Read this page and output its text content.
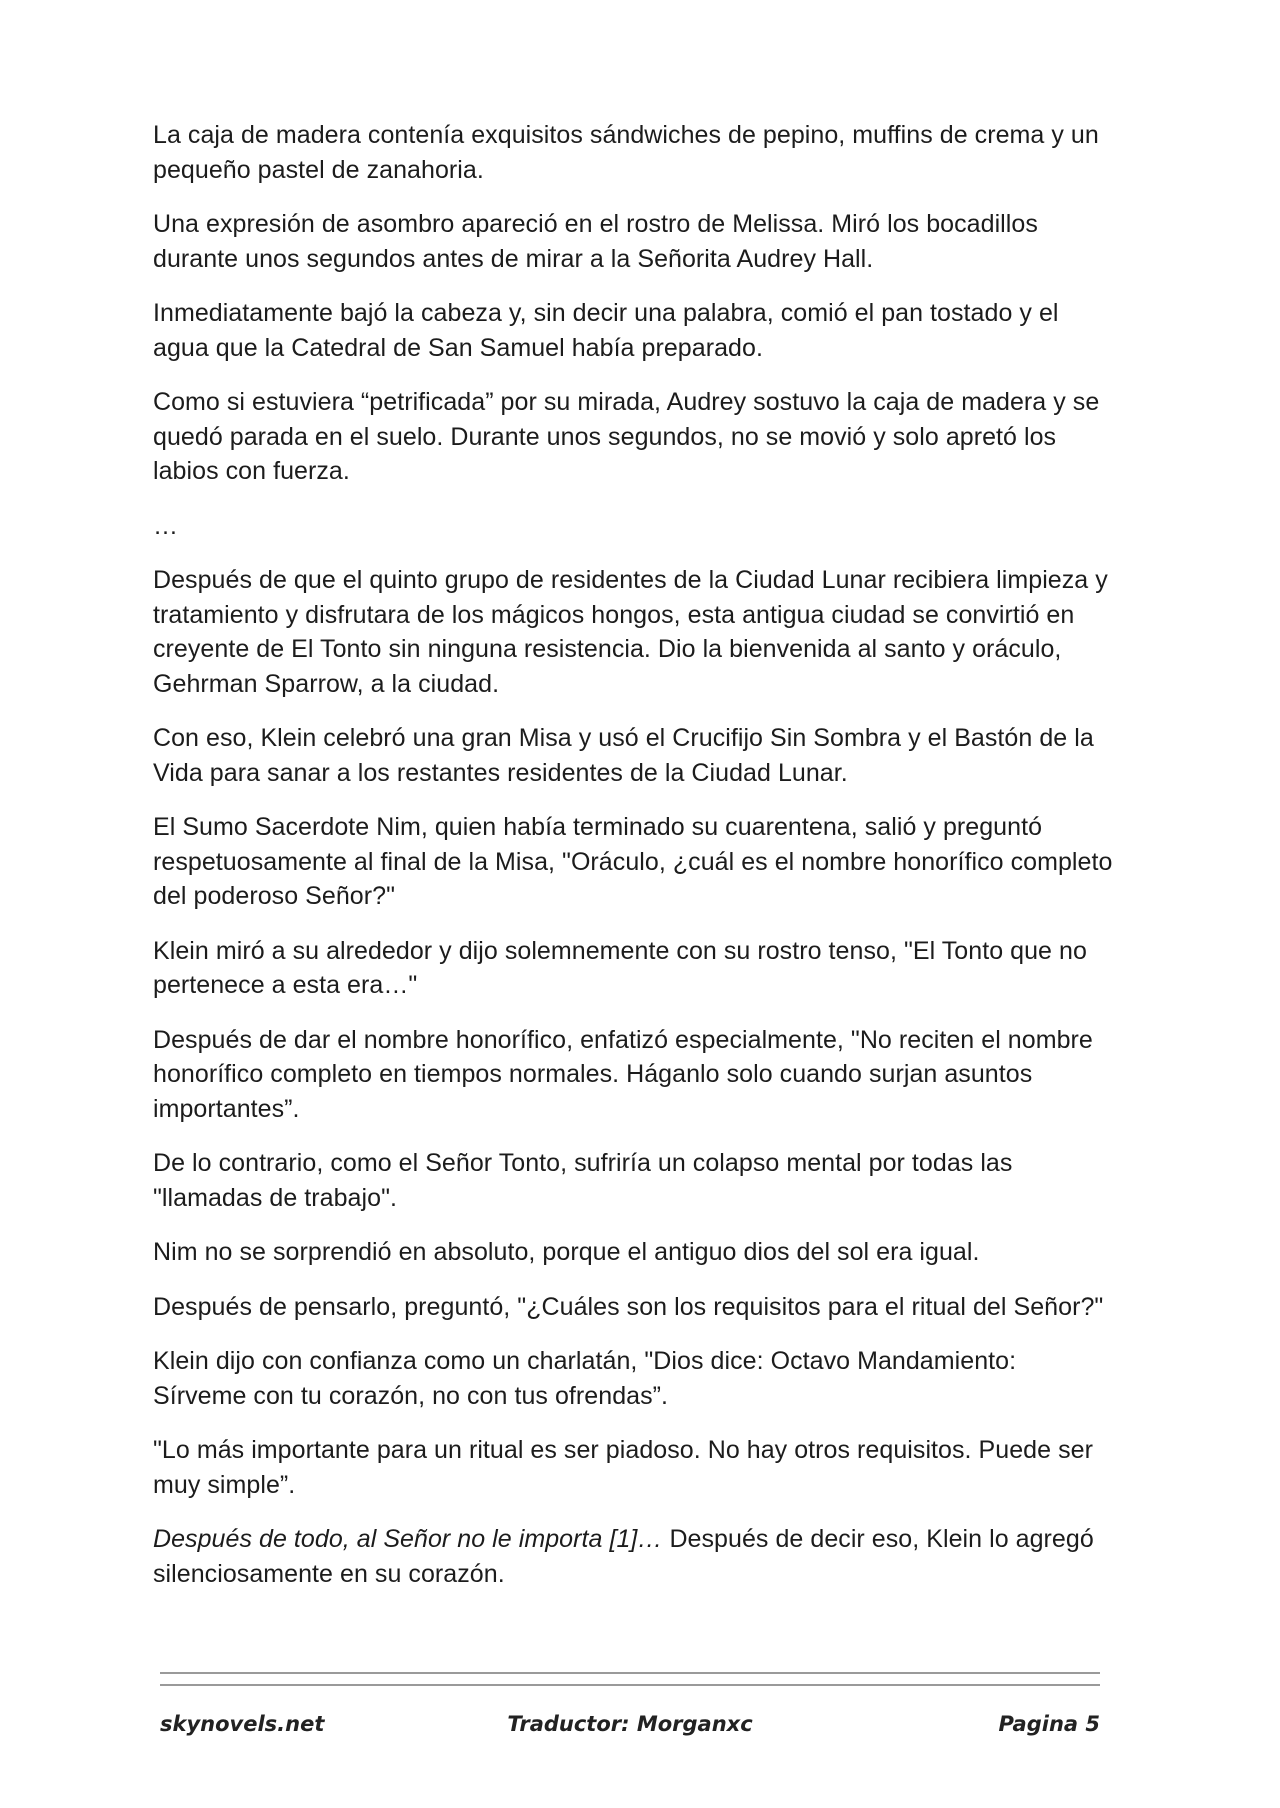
La caja de madera contenía exquisitos sándwiches de pepino, muffins de crema y un pequeño pastel de zanahoria.

Una expresión de asombro apareció en el rostro de Melissa. Miró los bocadillos durante unos segundos antes de mirar a la Señorita Audrey Hall.

Inmediatamente bajó la cabeza y, sin decir una palabra, comió el pan tostado y el agua que la Catedral de San Samuel había preparado.

Como si estuviera “petrificada” por su mirada, Audrey sostuvo la caja de madera y se quedó parada en el suelo. Durante unos segundos, no se movió y solo apretó los labios con fuerza.

…

Después de que el quinto grupo de residentes de la Ciudad Lunar recibiera limpieza y tratamiento y disfrutara de los mágicos hongos, esta antigua ciudad se convirtió en creyente de El Tonto sin ninguna resistencia. Dio la bienvenida al santo y oráculo, Gehrman Sparrow, a la ciudad.

Con eso, Klein celebró una gran Misa y usó el Crucifijo Sin Sombra y el Bastón de la Vida para sanar a los restantes residentes de la Ciudad Lunar.

El Sumo Sacerdote Nim, quien había terminado su cuarentena, salió y preguntó respetuosamente al final de la Misa, "Oráculo, ¿cuál es el nombre honorífico completo del poderoso Señor?"

Klein miró a su alrededor y dijo solemnemente con su rostro tenso, "El Tonto que no pertenece a esta era…"

Después de dar el nombre honorífico, enfatizó especialmente, "No reciten el nombre honorífico completo en tiempos normales. Háganlo solo cuando surjan asuntos importantes”.

De lo contrario, como el Señor Tonto, sufriría un colapso mental por todas las "llamadas de trabajo".

Nim no se sorprendió en absoluto, porque el antiguo dios del sol era igual.

Después de pensarlo, preguntó, "¿Cuáles son los requisitos para el ritual del Señor?"

Klein dijo con confianza como un charlatán, "Dios dice: Octavo Mandamiento: Sírveme con tu corazón, no con tus ofrendas”.

"Lo más importante para un ritual es ser piadoso. No hay otros requisitos. Puede ser muy simple”.

Después de todo, al Señor no le importa [1]… Después de decir eso, Klein lo agregó silenciosamente en su corazón.

skynovels.net	Traductor: Morganxc	Pagina 5
